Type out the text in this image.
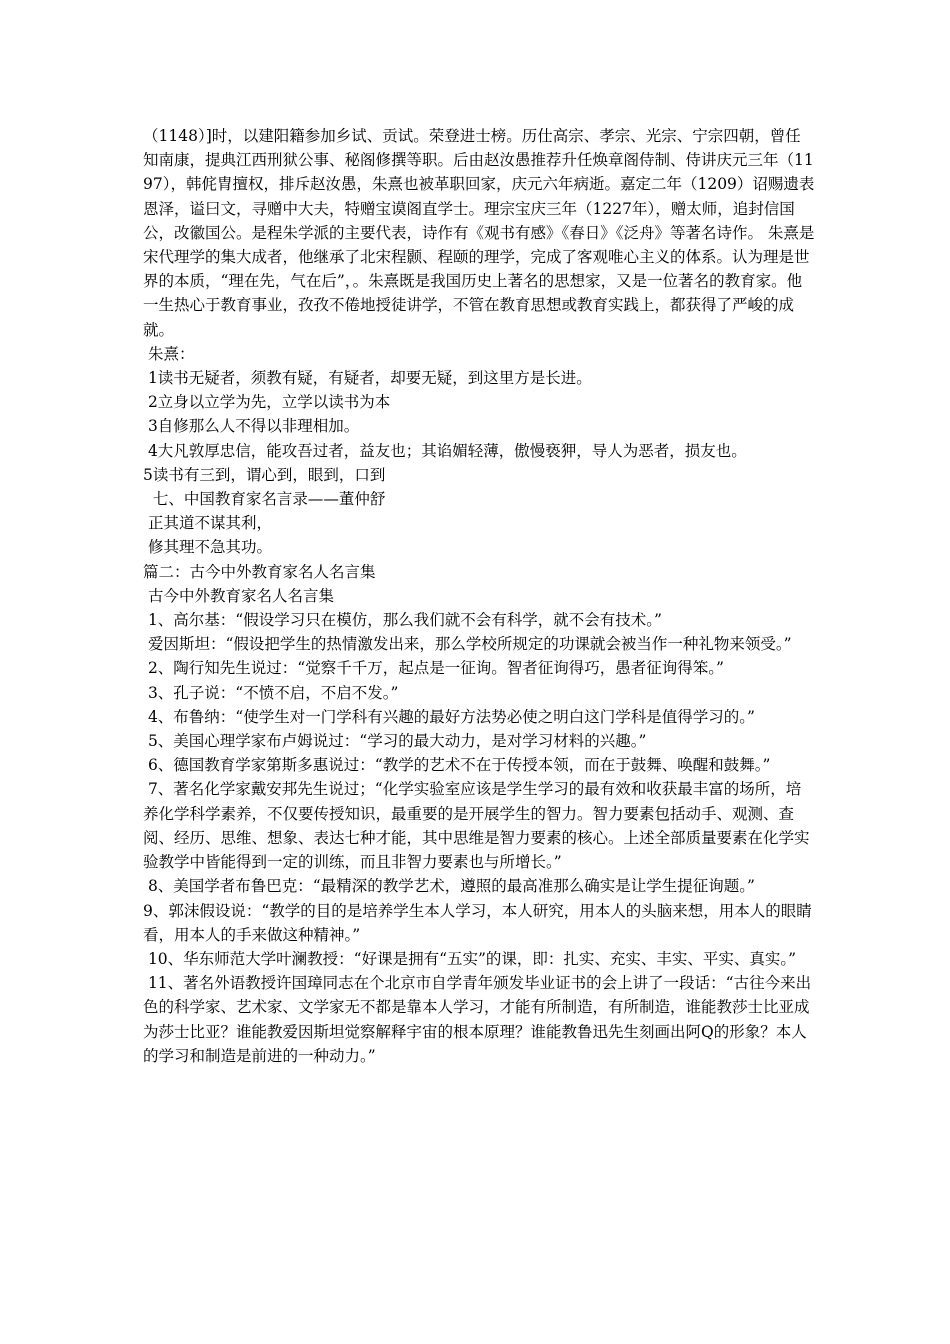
（1148）]时，以建阳籍参加乡试、贡试。荣登进士榜。历仕高宗、孝宗、光宗、宁宗四朝，曾任知南康，提典江西刑狱公事、秘阁修撰等职。后由赵汝愚推荐升任焕章阁侍制、侍讲庆元三年（1197），韩侂胄擅权，排斥赵汝愚，朱熹也被革职回家，庆元六年病逝。嘉定二年（1209）诏赐遗表恩泽，谥曰文，寻赠中大夫，特赠宝谟阁直学士。理宗宝庆三年（1227年），赠太师，追封信国公，改徽国公。是程朱学派的主要代表，诗作有《观书有感》《春日》《泛舟》等著名诗作。 朱熹是宋代理学的集大成者，他继承了北宋程颢、程颐的理学，完成了客观唯心主义的体系。认为理是世界的本质，“理在先，气在后”，。朱熹既是我国历史上著名的思想家，又是一位著名的教育家。他一生热心于教育事业，孜孜不倦地授徒讲学，不管在教育思想或教育实践上，都获得了严峻的成就。

朱熹：

1读书无疑者，须教有疑，有疑者，却要无疑，到这里方是长进。

2立身以立学为先，立学以读书为本

3自修那么人不得以非理相加。

4大凡敦厚忠信，能攻吾过者，益友也；其谄媚轻薄，傲慢亵狎，导人为恶者，损友也。

5读书有三到，谓心到，眼到，口到

七、中国教育家名言录——董仲舒

正其道不谋其利，

修其理不急其功。

篇二：古今中外教育家名人名言集

古今中外教育家名人名言集

1、高尔基：“假设学习只在模仿，那么我们就不会有科学，就不会有技术。”

爱因斯坦：“假设把学生的热情激发出来，那么学校所规定的功课就会被当作一种礼物来领受。”

2、陶行知先生说过：“觉察千千万，起点是一征询。智者征询得巧，愚者征询得笨。”

3、孔子说：“不愤不启，不启不发。”

4、布鲁纳：“使学生对一门学科有兴趣的最好方法势必使之明白这门学科是值得学习的。”

5、美国心理学家布卢姆说过：“学习的最大动力，是对学习材料的兴趣。”

6、德国教育学家第斯多惠说过：“教学的艺术不在于传授本领，而在于鼓舞、唤醒和鼓舞。”

7、著名化学家戴安邦先生说过；“化学实验室应该是学生学习的最有效和收获最丰富的场所，培养化学科学素养，不仅要传授知识，最重要的是开展学生的智力。智力要素包括动手、观测、查阅、经历、思维、想象、表达七种才能，其中思维是智力要素的核心。上述全部质量要素在化学实验教学中皆能得到一定的训练，而且非智力要素也与所增长。”

8、美国学者布鲁巴克：“最精深的教学艺术，遵照的最高准那么确实是让学生提征询题。”

9、郭沫假设说：“教学的目的是培养学生本人学习，本人研究，用本人的头脑来想，用本人的眼睛看，用本人的手来做这种精神。”

10、华东师范大学叶澜教授：“好课是拥有“五实”的课，即：扎实、充实、丰实、平实、真实。”

11、著名外语教授许国璋同志在个北京市自学青年颁发毕业证书的会上讲了一段话：“古往今来出色的科学家、艺术家、文学家无不都是靠本人学习，才能有所制造，有所制造，谁能教莎士比亚成为莎士比亚？谁能教爱因斯坦觉察解释宇宙的根本原理？谁能教鲁迅先生刻画出阿Q的形象？本人的学习和制造是前进的一种动力。”
